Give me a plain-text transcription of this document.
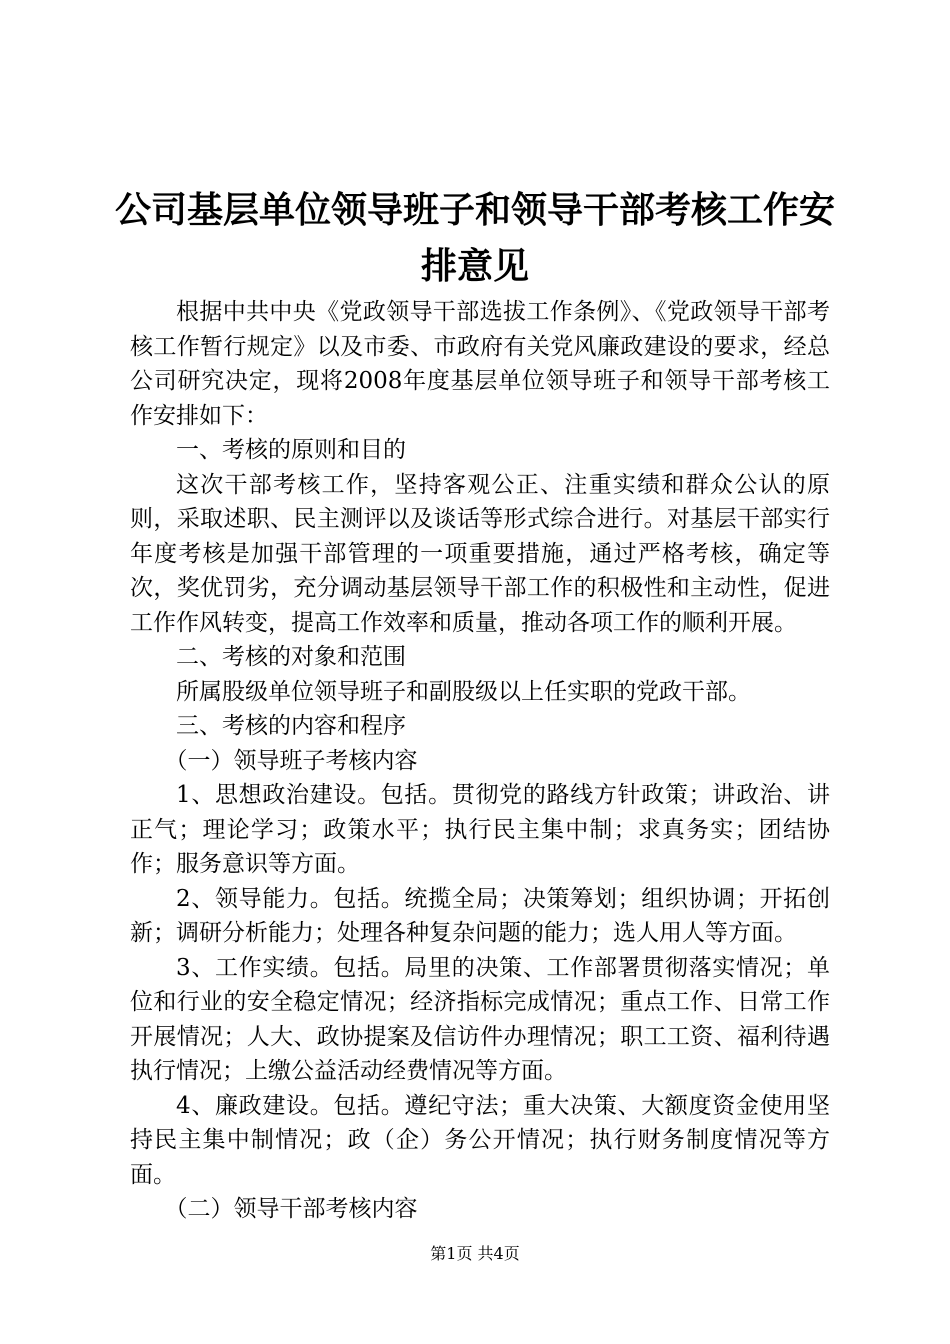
公司基层单位领导班子和领导干部考核工作安
排意见

根据中共中央《党政领导干部选拔工作条例》、《党政领导干部考核工作暂行规定》以及市委、市政府有关党风廉政建设的要求，经总公司研究决定，现将2008年度基层单位领导班子和领导干部考核工作安排如下：

一、考核的原则和目的

这次干部考核工作，坚持客观公正、注重实绩和群众公认的原则，采取述职、民主测评以及谈话等形式综合进行。对基层干部实行年度考核是加强干部管理的一项重要措施，通过严格考核，确定等次，奖优罚劣，充分调动基层领导干部工作的积极性和主动性，促进工作作风转变，提高工作效率和质量，推动各项工作的顺利开展。

二、考核的对象和范围

所属股级单位领导班子和副股级以上任实职的党政干部。

三、考核的内容和程序

（一）领导班子考核内容

1、思想政治建设。包括。贯彻党的路线方针政策；讲政治、讲正气；理论学习；政策水平；执行民主集中制；求真务实；团结协作；服务意识等方面。

2、领导能力。包括。统揽全局；决策筹划；组织协调；开拓创新；调研分析能力；处理各种复杂问题的能力；选人用人等方面。

3、工作实绩。包括。局里的决策、工作部署贯彻落实情况；单位和行业的安全稳定情况；经济指标完成情况；重点工作、日常工作开展情况；人大、政协提案及信访件办理情况；职工工资、福利待遇执行情况；上缴公益活动经费情况等方面。

4、廉政建设。包括。遵纪守法；重大决策、大额度资金使用坚持民主集中制情况；政（企）务公开情况；执行财务制度情况等方面。

（二）领导干部考核内容

第1页 共4页
